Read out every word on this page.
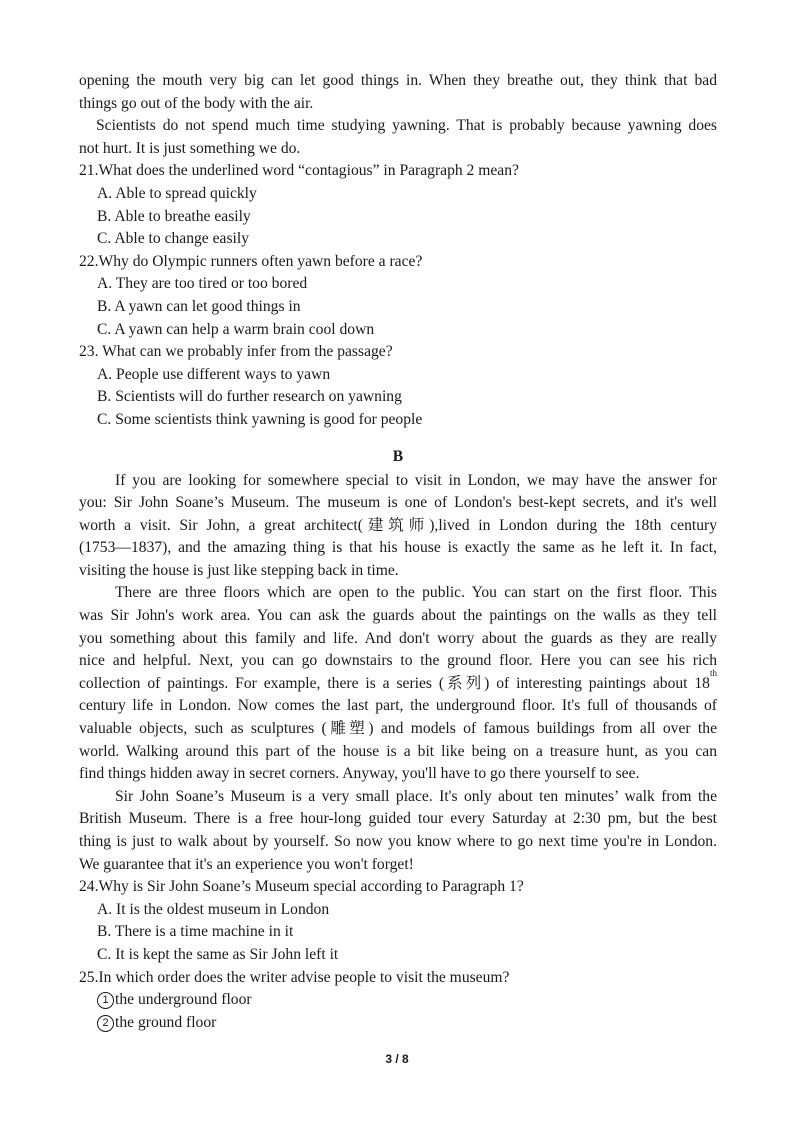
opening the mouth very big can let good things in. When they breathe out, they think that bad

things go out of the body with the air.

Scientists do not spend much time studying yawning. That is probably because yawning does

not hurt. It is just something we do.

21.What does the underlined word “contagious” in Paragraph 2 mean?

A. Able to spread quickly

B. Able to breathe easily

C. Able to change easily

22.Why do Olympic runners often yawn before a race?

A. They are too tired or too bored

B. A yawn can let good things in

C. A yawn can help a warm brain cool down

23. What can we probably infer from the passage?

A. People use different ways to yawn

B. Scientists will do further research on yawning

C. Some scientists think yawning is good for people

B

If you are looking for somewhere special to visit in London, we may have the answer for

you: Sir John Soane’s Museum. The museum is one of London's best-kept secrets, and it's well

worth a visit. Sir John, a great architect(建筑师),lived in London during the 18th century

(1753—1837), and the amazing thing is that his house is exactly the same as he left it. In fact,

visiting the house is just like stepping back in time.

There are three floors which are open to the public. You can start on the first floor. This

was Sir John's work area. You can ask the guards about the paintings on the walls as they tell

you something about this family and life. And don't worry about the guards as they are really

nice and helpful. Next, you can go downstairs to the ground floor. Here you can see his rich

collection of paintings. For example, there is a series (系列) of interesting paintings about 18
th

century life in London. Now comes the last part, the underground floor. It's full of thousands of

valuable objects, such as sculptures (雕塑) and models of famous buildings from all over the

world. Walking around this part of the house is a bit like being on a treasure hunt, as you can

find things hidden away in secret corners. Anyway, you'll have to go there yourself to see.

Sir John Soane’s Museum is a very small place. It's only about ten minutes’ walk from the

British Museum. There is a free hour-long guided tour every Saturday at 2:30 pm, but the best

thing is just to walk about by yourself. So now you know where to go next time you're in London.

We guarantee that it's an experience you won't forget!

24.Why is Sir John Soane’s Museum special according to Paragraph 1?

A. It is the oldest museum in London

B. There is a time machine in it

C. It is kept the same as Sir John left it

25.In which order does the writer advise people to visit the museum?

1 the underground floor

2 the ground floor

3 / 8
